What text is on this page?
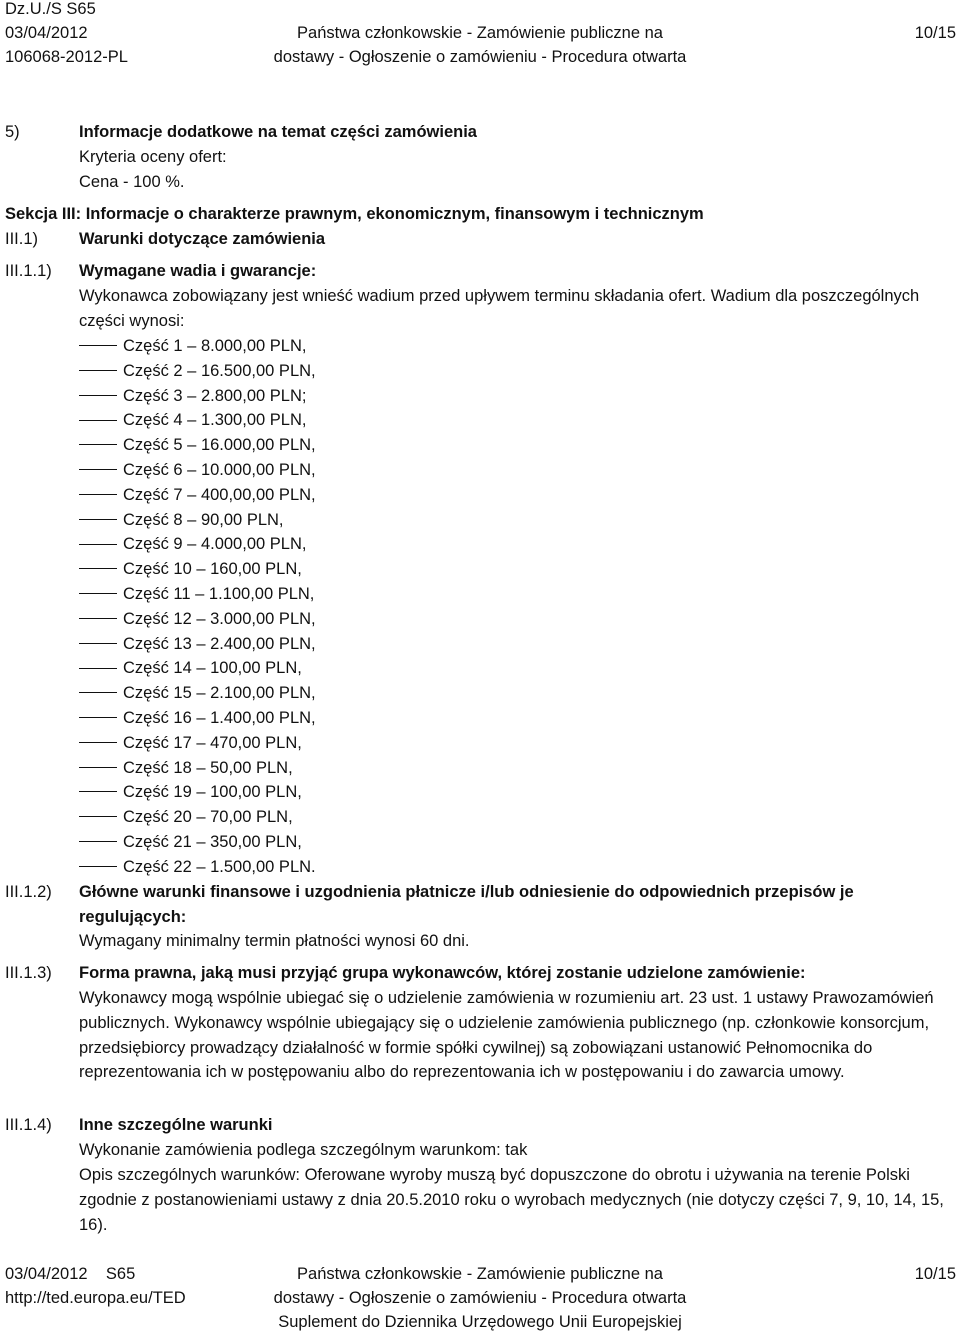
Dz.U./S S65
03/04/2012
106068-2012-PL
Państwa członkowskie - Zamówienie publiczne na
dostawy - Ogłoszenie o zamówieniu - Procedura otwarta
10/15
5)	Informacje dodatkowe na temat części zamówienia
Kryteria oceny ofert:
Cena - 100 %.
Sekcja III: Informacje o charakterze prawnym, ekonomicznym, finansowym i technicznym
III.1) Warunki dotyczące zamówienia
III.1.1) Wymagane wadia i gwarancje:

Wykonawca zobowiązany jest wnieść wadium przed upływem terminu składania ofert. Wadium dla poszczególnych części wynosi:

Część 1 – 8.000,00 PLN,
Część 2 – 16.500,00 PLN,
Część 3 – 2.800,00 PLN;
Część 4 – 1.300,00 PLN,
Część 5 – 16.000,00 PLN,
Część 6 – 10.000,00 PLN,
Część 7 – 400,00,00 PLN,
Część 8 – 90,00 PLN,
Część 9 – 4.000,00 PLN,
Część 10 – 160,00 PLN,
Część 11 – 1.100,00 PLN,
Część 12 – 3.000,00 PLN,
Część 13 – 2.400,00 PLN,
Część 14 – 100,00 PLN,
Część 15 – 2.100,00 PLN,
Część 16 – 1.400,00 PLN,
Część 17 – 470,00 PLN,
Część 18 – 50,00 PLN,
Część 19 – 100,00 PLN,
Część 20 – 70,00 PLN,
Część 21 – 350,00 PLN,
Część 22 – 1.500,00 PLN.
III.1.2) Główne warunki finansowe i uzgodnienia płatnicze i/lub odniesienie do odpowiednich przepisów je regulujących:

Wymagany minimalny termin płatności wynosi 60 dni.
III.1.3) Forma prawna, jaką musi przyjąć grupa wykonawców, której zostanie udzielone zamówienie:

Wykonawcy mogą wspólnie ubiegać się o udzielenie zamówienia w rozumieniu art. 23 ust. 1 ustawy Prawozamówień publicznych. Wykonawcy wspólnie ubiegający się o udzielenie zamówienia publicznego (np. członkowie konsorcjum, przedsiębiorcy prowadzący działalność w formie spółki cywilnej) są zobowiązani ustanowić Pełnomocnika do reprezentowania ich w postępowaniu albo do reprezentowania ich w postępowaniu i do zawarcia umowy.

III.1.4) Inne szczególne warunki
Wykonanie zamówienia podlega szczególnym warunkom: tak

Opis szczególnych warunków: Oferowane wyroby muszą być dopuszczone do obrotu i używania na terenie Polski zgodnie z postanowieniami ustawy z dnia 20.5.2010 roku o wyrobach medycznych (nie dotyczy części 7, 9, 10, 14, 15, 16).

03/04/2012    S65
http://ted.europa.eu/TED
Państwa członkowskie - Zamówienie publiczne na
dostawy - Ogłoszenie o zamówieniu - Procedura otwarta
Suplement do Dziennika Urzędowego Unii Europejskiej
10/15
